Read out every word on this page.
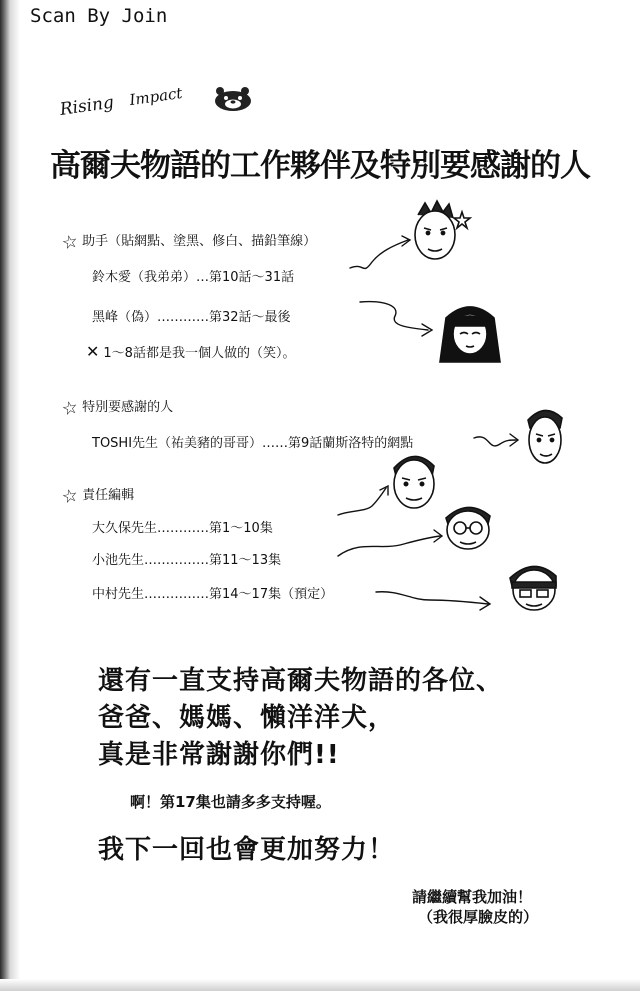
Scan By Join
Rising Impact
高爾夫物語的工作夥伴及特別要感謝的人
☆ 助手（貼網點、塗黑、修白、描鉛筆線）
鈴木愛（我弟弟）…第10話～31話
黑峰（偽）…………第32話～最後
✕ 1～8話都是我一個人做的（笑）。
☆ 特別要感謝的人
TOSHI先生（祐美豬的哥哥）……第9話蘭斯洛特的網點
☆ 責任編輯
大久保先生…………第1～10集
小池先生……………第11～13集
中村先生……………第14～17集（預定）
還有一直支持高爾夫物語的各位、
爸爸、媽媽、懶洋洋犬，
真是非常謝謝你們!!
啊！第17集也請多多支持喔。
我下一回也會更加努力！
請繼續幫我加油！
（我很厚臉皮的）
